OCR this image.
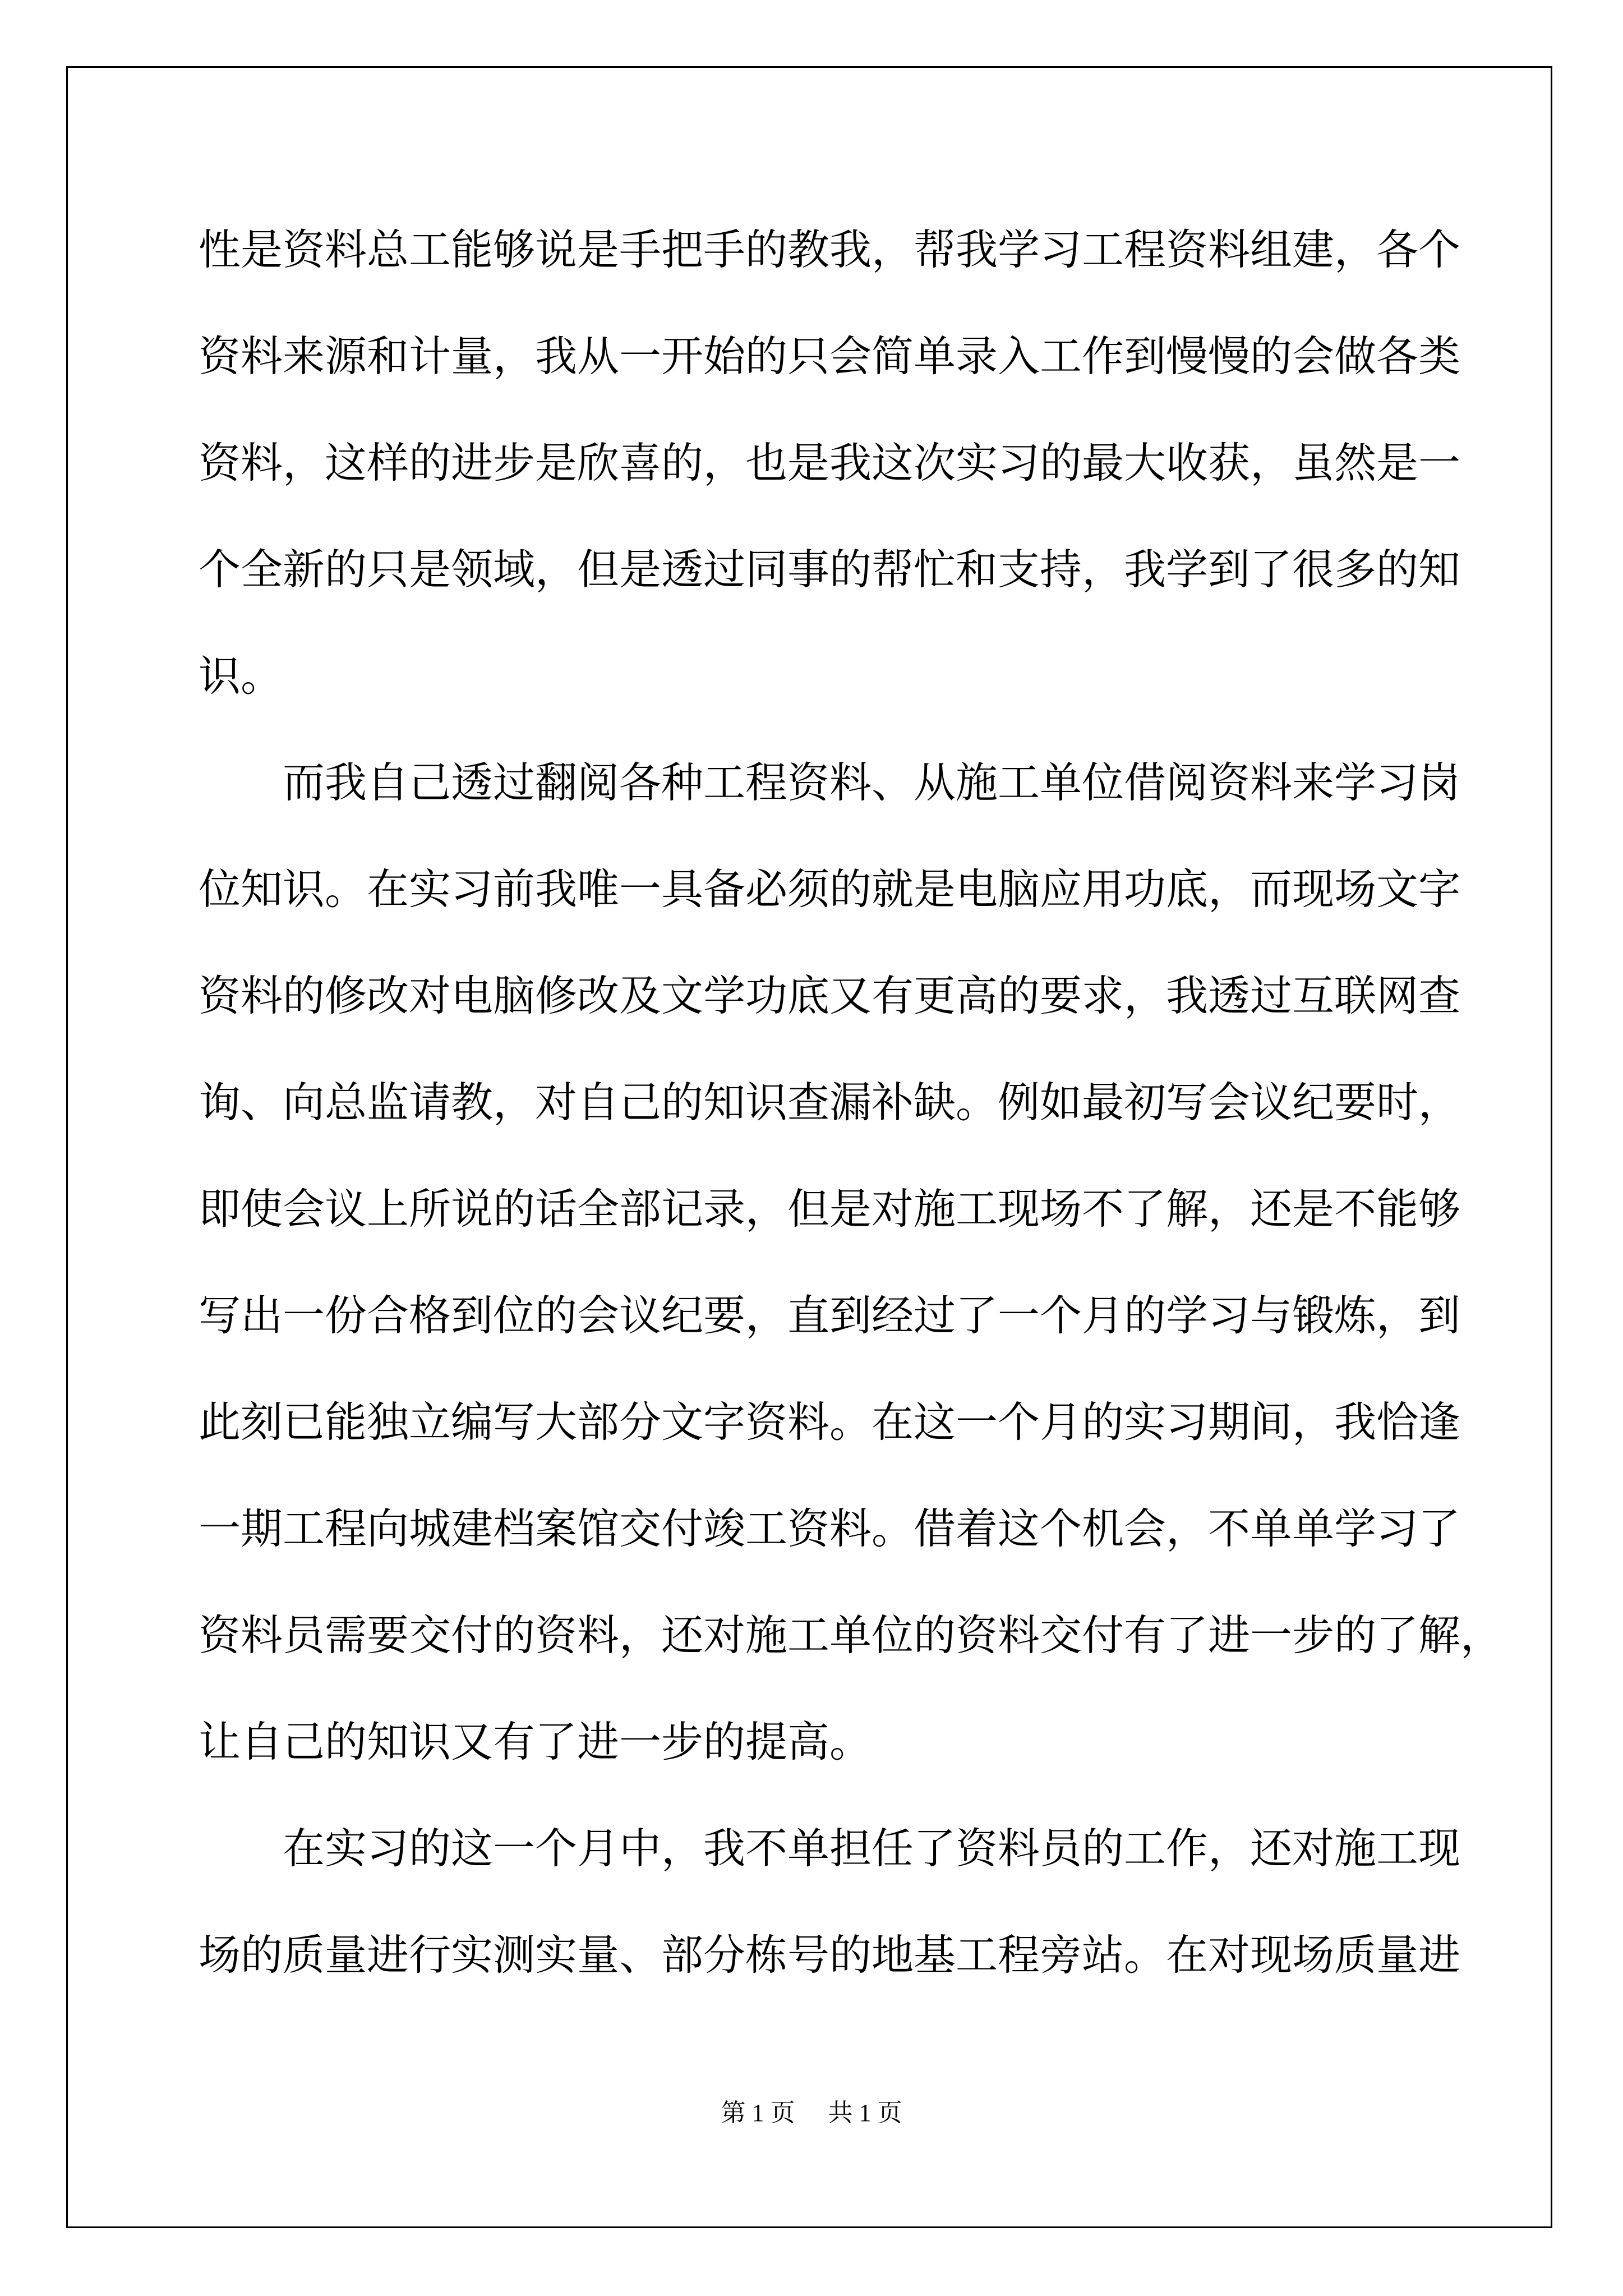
性是资料总工能够说是手把手的教我，帮我学习工程资料组建，各个
资料来源和计量，我从一开始的只会简单录入工作到慢慢的会做各类
资料，这样的进步是欣喜的，也是我这次实习的最大收获，虽然是一
个全新的只是领域，但是透过同事的帮忙和支持，我学到了很多的知
识。
而我自己透过翻阅各种工程资料、从施工单位借阅资料来学习岗
位知识。在实习前我唯一具备必须的就是电脑应用功底，而现场文字
资料的修改对电脑修改及文学功底又有更高的要求，我透过互联网查
询、向总监请教，对自己的知识查漏补缺。例如最初写会议纪要时，
即使会议上所说的话全部记录，但是对施工现场不了解，还是不能够
写出一份合格到位的会议纪要，直到经过了一个月的学习与锻炼，到
此刻已能独立编写大部分文字资料。在这一个月的实习期间，我恰逢
一期工程向城建档案馆交付竣工资料。借着这个机会，不单单学习了
资料员需要交付的资料，还对施工单位的资料交付有了进一步的了解，
让自己的知识又有了进一步的提高。
在实习的这一个月中，我不单担任了资料员的工作，还对施工现
场的质量进行实测实量、部分栋号的地基工程旁站。在对现场质量进
第 1 页 共 1 页
